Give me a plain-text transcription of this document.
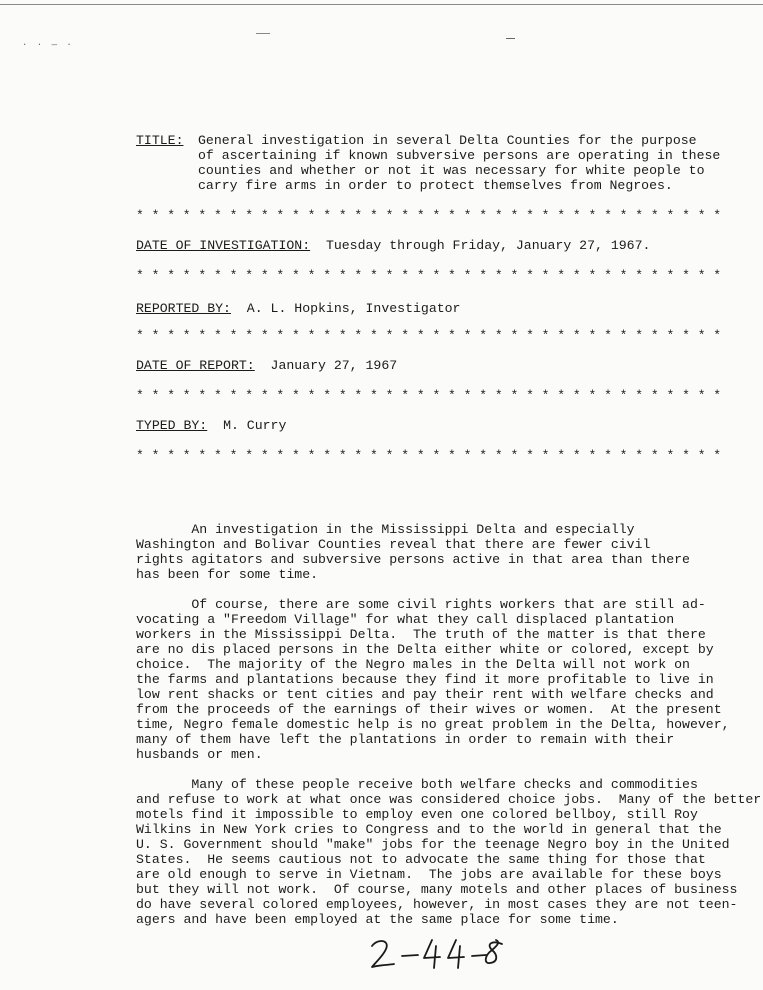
· · — ·
TITLE: General investigation in several Delta Counties for the purpose
of ascertaining if known subversive persons are operating in these
counties and whether or not it was necessary for white people to
carry fire arms in order to protect themselves from Negroes.
* * * * * * * * * * * * * * * * * * * * * * * * * * * * * * * * * * * * * *
DATE OF INVESTIGATION: Tuesday through Friday, January 27, 1967.
* * * * * * * * * * * * * * * * * * * * * * * * * * * * * * * * * * * * * *
REPORTED BY: A. L. Hopkins, Investigator
* * * * * * * * * * * * * * * * * * * * * * * * * * * * * * * * * * * * * *
DATE OF REPORT: January 27, 1967
* * * * * * * * * * * * * * * * * * * * * * * * * * * * * * * * * * * * * *
TYPED BY: M. Curry
* * * * * * * * * * * * * * * * * * * * * * * * * * * * * * * * * * * * * *

An investigation in the Mississippi Delta and especially
Washington and Bolivar Counties reveal that there are fewer civil
rights agitators and subversive persons active in that area than there
has been for some time.

Of course, there are some civil rights workers that are still ad-
vocating a "Freedom Village" for what they call displaced plantation
workers in the Mississippi Delta.  The truth of the matter is that there
are no dis placed persons in the Delta either white or colored, except by
choice.  The majority of the Negro males in the Delta will not work on
the farms and plantations because they find it more profitable to live in
low rent shacks or tent cities and pay their rent with welfare checks and
from the proceeds of the earnings of their wives or women.  At the present
time, Negro female domestic help is no great problem in the Delta, however,
many of them have left the plantations in order to remain with their
husbands or men.

Many of these people receive both welfare checks and commodities
and refuse to work at what once was considered choice jobs.  Many of the better
motels find it impossible to employ even one colored bellboy, still Roy
Wilkins in New York cries to Congress and to the world in general that the
U. S. Government should "make" jobs for the teenage Negro boy in the United
States.  He seems cautious not to advocate the same thing for those that
are old enough to serve in Vietnam.  The jobs are available for these boys
but they will not work.  Of course, many motels and other places of business
do have several colored employees, however, in most cases they are not teen-
agers and have been employed at the same place for some time.
